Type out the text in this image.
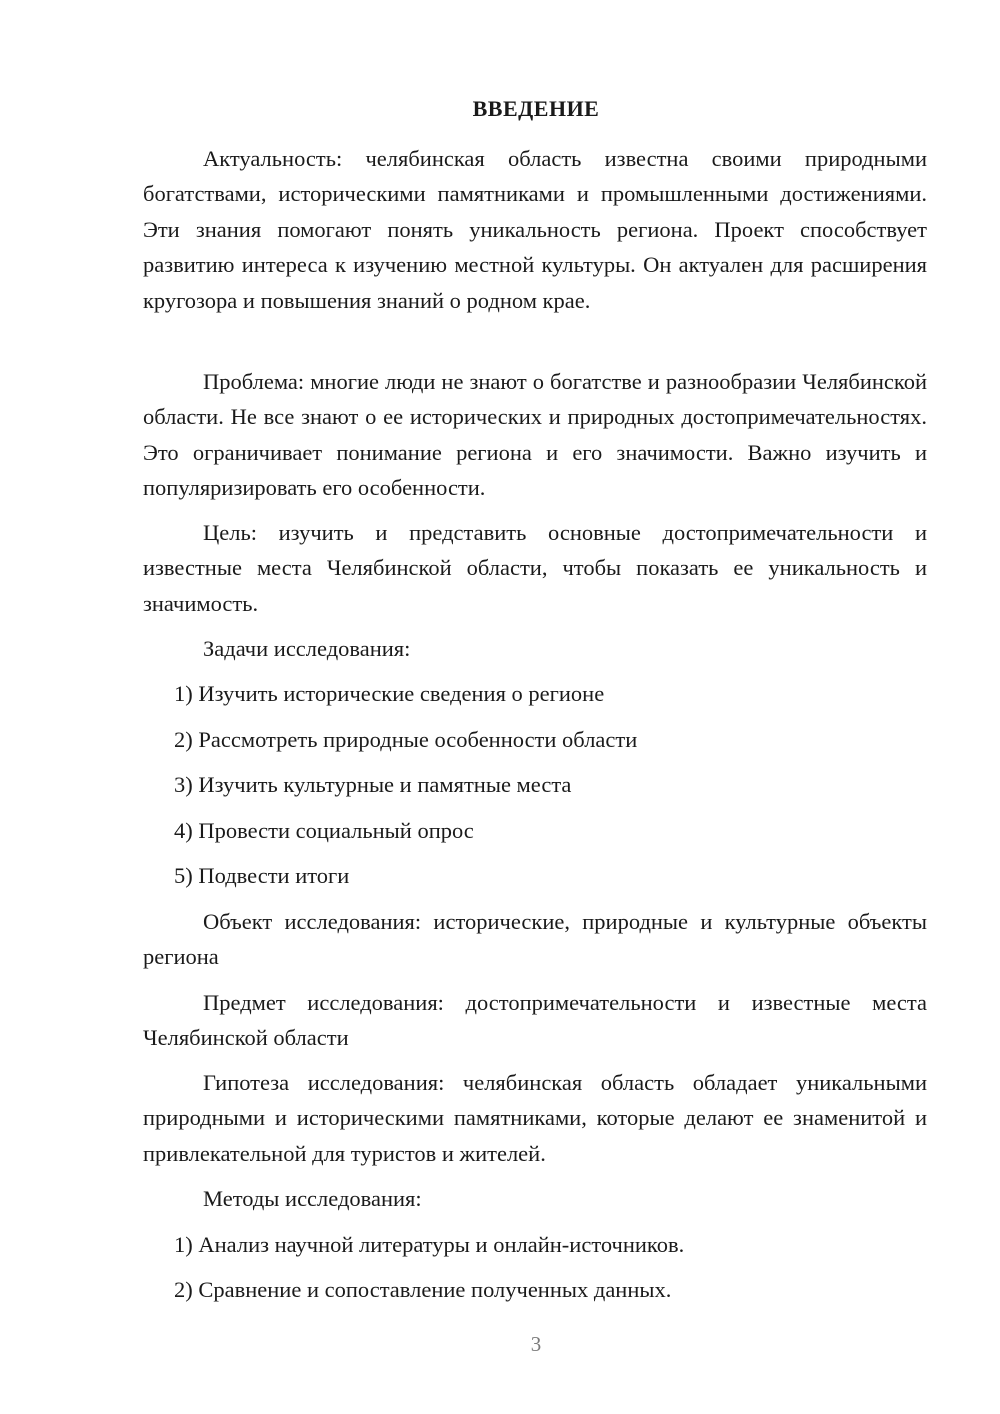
ВВЕДЕНИЕ

Актуальность: челябинская область известна своими природными богатствами, историческими памятниками и промышленными достижениями. Эти знания помогают понять уникальность региона. Проект способствует развитию интереса к изучению местной культуры. Он актуален для расширения кругозора и повышения знаний о родном крае.

Проблема: многие люди не знают о богатстве и разнообразии Челябинской области. Не все знают о ее исторических и природных достопримечательностях. Это ограничивает понимание региона и его значимости. Важно изучить и популяризировать его особенности.

Цель: изучить и представить основные достопримечательности и известные места Челябинской области, чтобы показать ее уникальность и значимость.

Задачи исследования:

1) Изучить исторические сведения о регионе

2) Рассмотреть природные особенности области

3) Изучить культурные и памятные места

4) Провести социальный опрос

5) Подвести итоги

Объект исследования: исторические, природные и культурные объекты региона

Предмет исследования: достопримечательности и известные места Челябинской области

Гипотеза исследования: челябинская область обладает уникальными природными и историческими памятниками, которые делают ее знаменитой и привлекательной для туристов и жителей.

Методы исследования:

1) Анализ научной литературы и онлайн-источников.

2) Сравнение и сопоставление полученных данных.

3
